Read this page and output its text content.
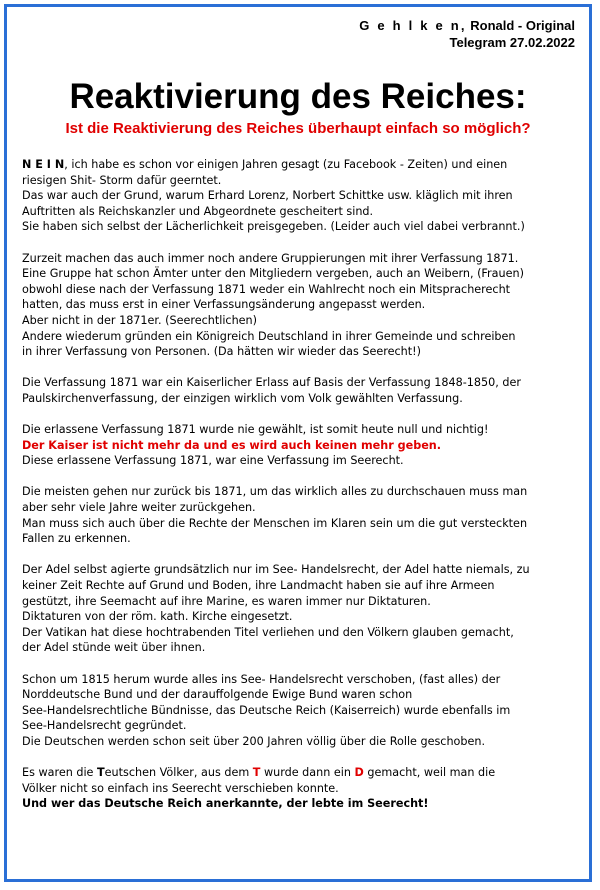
G e h l k e n, Ronald - Original
Telegram 27.02.2022
Reaktivierung des Reiches:
Ist die Reaktivierung des Reiches überhaupt einfach so möglich?

N E I N, ich habe es schon vor einigen Jahren gesagt (zu Facebook - Zeiten) und einen
riesigen Shit- Storm dafür geerntet.
Das war auch der Grund, warum Erhard Lorenz, Norbert Schittke usw. kläglich mit ihren
Auftritten als Reichskanzler und Abgeordnete gescheitert sind.
Sie haben sich selbst der Lächerlichkeit preisgegeben. (Leider auch viel dabei verbrannt.)

Zurzeit machen das auch immer noch andere Gruppierungen mit ihrer Verfassung 1871.
Eine Gruppe hat schon Ämter unter den Mitgliedern vergeben, auch an Weibern, (Frauen)
obwohl diese nach der Verfassung 1871 weder ein Wahlrecht noch ein Mitspracherecht
hatten, das muss erst in einer Verfassungsänderung angepasst werden.
Aber nicht in der 1871er. (Seerechtlichen)
Andere wiederum gründen ein Königreich Deutschland in ihrer Gemeinde und schreiben
in ihrer Verfassung von Personen. (Da hätten wir wieder das Seerecht!)

Die Verfassung 1871 war ein Kaiserlicher Erlass auf Basis der Verfassung 1848-1850, der
Paulskirchenverfassung, der einzigen wirklich vom Volk gewählten Verfassung.

Die erlassene Verfassung 1871 wurde nie gewählt, ist somit heute null und nichtig!
Der Kaiser ist nicht mehr da und es wird auch keinen mehr geben.
Diese erlassene Verfassung 1871, war eine Verfassung im Seerecht.

Die meisten gehen nur zurück bis 1871, um das wirklich alles zu durchschauen muss man
aber sehr viele Jahre weiter zurückgehen.
Man muss sich auch über die Rechte der Menschen im Klaren sein um die gut versteckten
Fallen zu erkennen.

Der Adel selbst agierte grundsätzlich nur im See- Handelsrecht, der Adel hatte niemals, zu
keiner Zeit Rechte auf Grund und Boden, ihre Landmacht haben sie auf ihre Armeen
gestützt, ihre Seemacht auf ihre Marine, es waren immer nur Diktaturen.
Diktaturen von der röm. kath. Kirche eingesetzt.
Der Vatikan hat diese hochtrabenden Titel verliehen und den Völkern glauben gemacht,
der Adel stünde weit über ihnen.

Schon um 1815 herum wurde alles ins See- Handelsrecht verschoben, (fast alles) der
Norddeutsche Bund und der darauffolgende Ewige Bund waren schon
See-Handelsrechtliche Bündnisse, das Deutsche Reich (Kaiserreich) wurde ebenfalls im
See-Handelsrecht gegründet.
Die Deutschen werden schon seit über 200 Jahren völlig über die Rolle geschoben.

Es waren die Teutschen Völker, aus dem T wurde dann ein D gemacht, weil man die
Völker nicht so einfach ins Seerecht verschieben konnte.
Und wer das Deutsche Reich anerkannte, der lebte im Seerecht!
